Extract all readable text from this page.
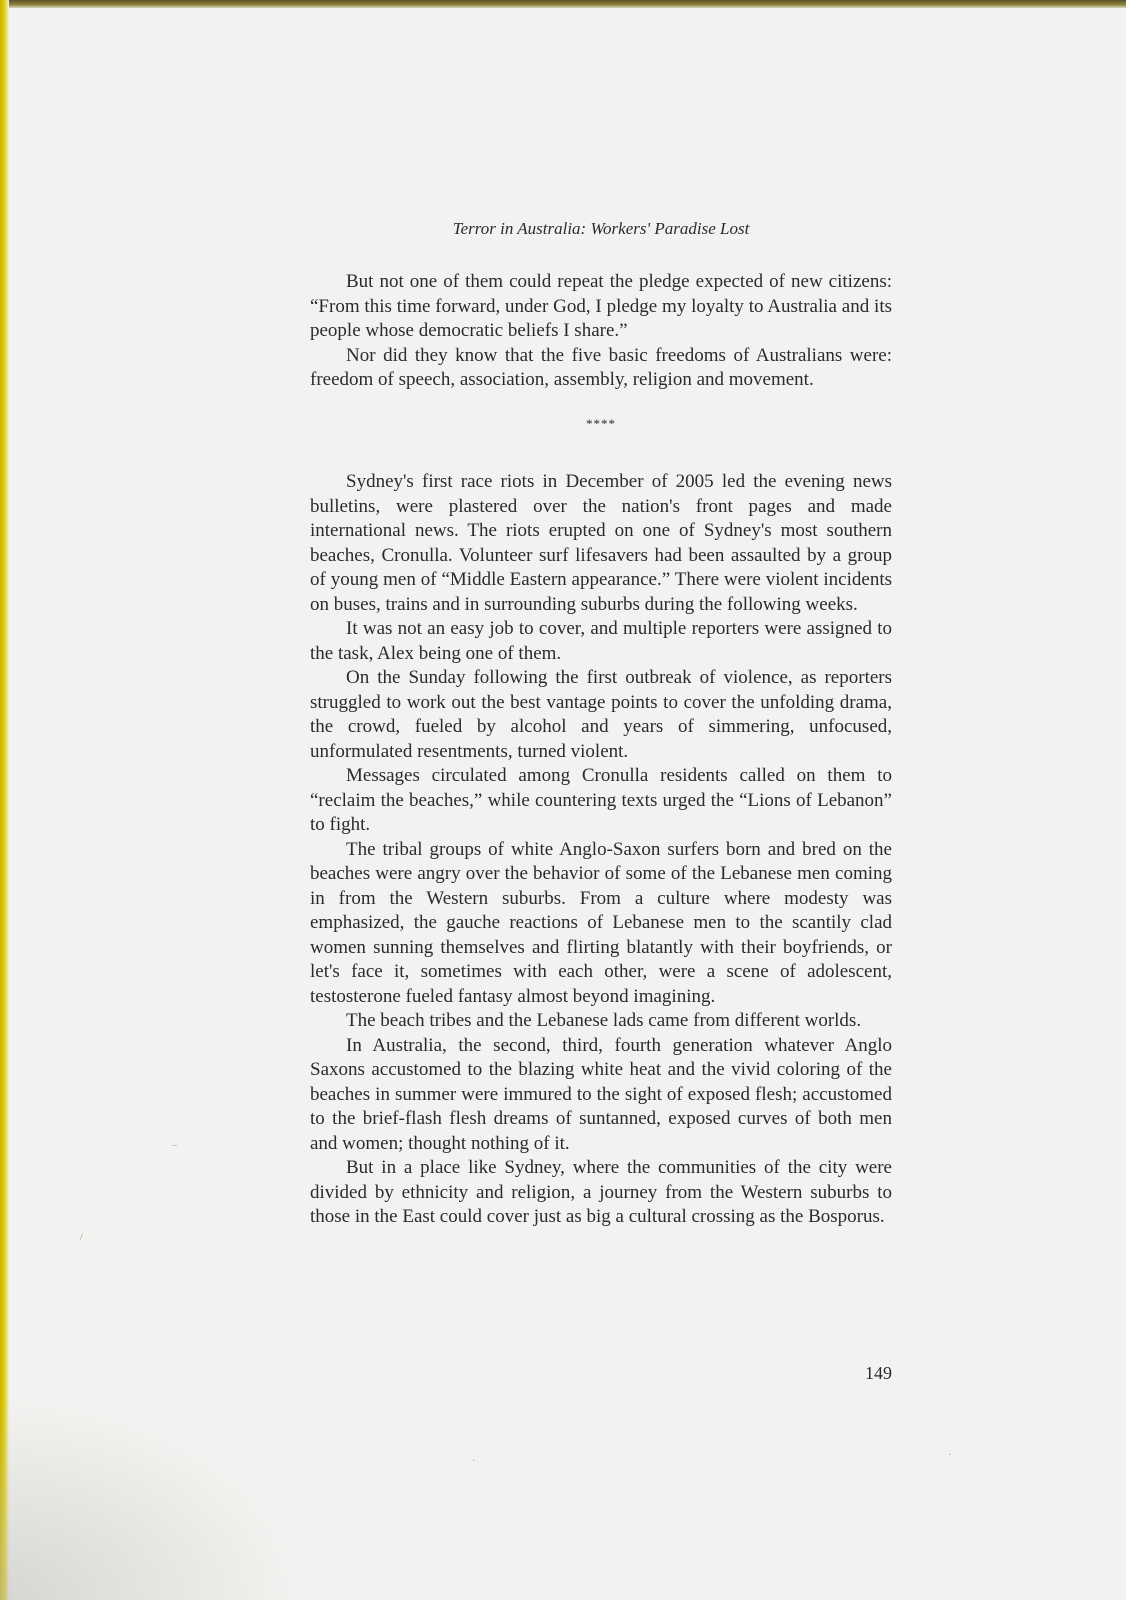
Terror in Australia: Workers' Paradise Lost

But not one of them could repeat the pledge expected of new citizens: “From this time forward, under God, I pledge my loyalty to Australia and its people whose democratic beliefs I share.”

Nor did they know that the five basic freedoms of Australians were: freedom of speech, association, assembly, religion and movement.

****

Sydney's first race riots in December of 2005 led the evening news bulletins, were plastered over the nation's front pages and made international news. The riots erupted on one of Sydney's most southern beaches, Cronulla. Volunteer surf lifesavers had been assaulted by a group of young men of “Middle Eastern appearance.” There were violent incidents on buses, trains and in surrounding suburbs during the following weeks.

It was not an easy job to cover, and multiple reporters were assigned to the task, Alex being one of them.

On the Sunday following the first outbreak of violence, as reporters struggled to work out the best vantage points to cover the unfolding drama, the crowd, fueled by alcohol and years of simmering, unfocused, unformulated resentments, turned violent.

Messages circulated among Cronulla residents called on them to “reclaim the beaches,” while countering texts urged the “Lions of Lebanon” to fight.

The tribal groups of white Anglo-Saxon surfers born and bred on the beaches were angry over the behavior of some of the Lebanese men coming in from the Western suburbs. From a culture where modesty was emphasized, the gauche reactions of Lebanese men to the scantily clad women sunning themselves and flirting blatantly with their boyfriends, or let's face it, sometimes with each other, were a scene of adolescent, testosterone fueled fantasy almost beyond imagining.

The beach tribes and the Lebanese lads came from different worlds.

In Australia, the second, third, fourth generation whatever Anglo Saxons accustomed to the blazing white heat and the vivid coloring of the beaches in summer were immured to the sight of exposed flesh; accustomed to the brief-flash flesh dreams of suntanned, exposed curves of both men and women; thought nothing of it.

But in a place like Sydney, where the communities of the city were divided by ethnicity and religion, a journey from the Western suburbs to those in the East could cover just as big a cultural crossing as the Bosporus.

149
–
/
·
·
